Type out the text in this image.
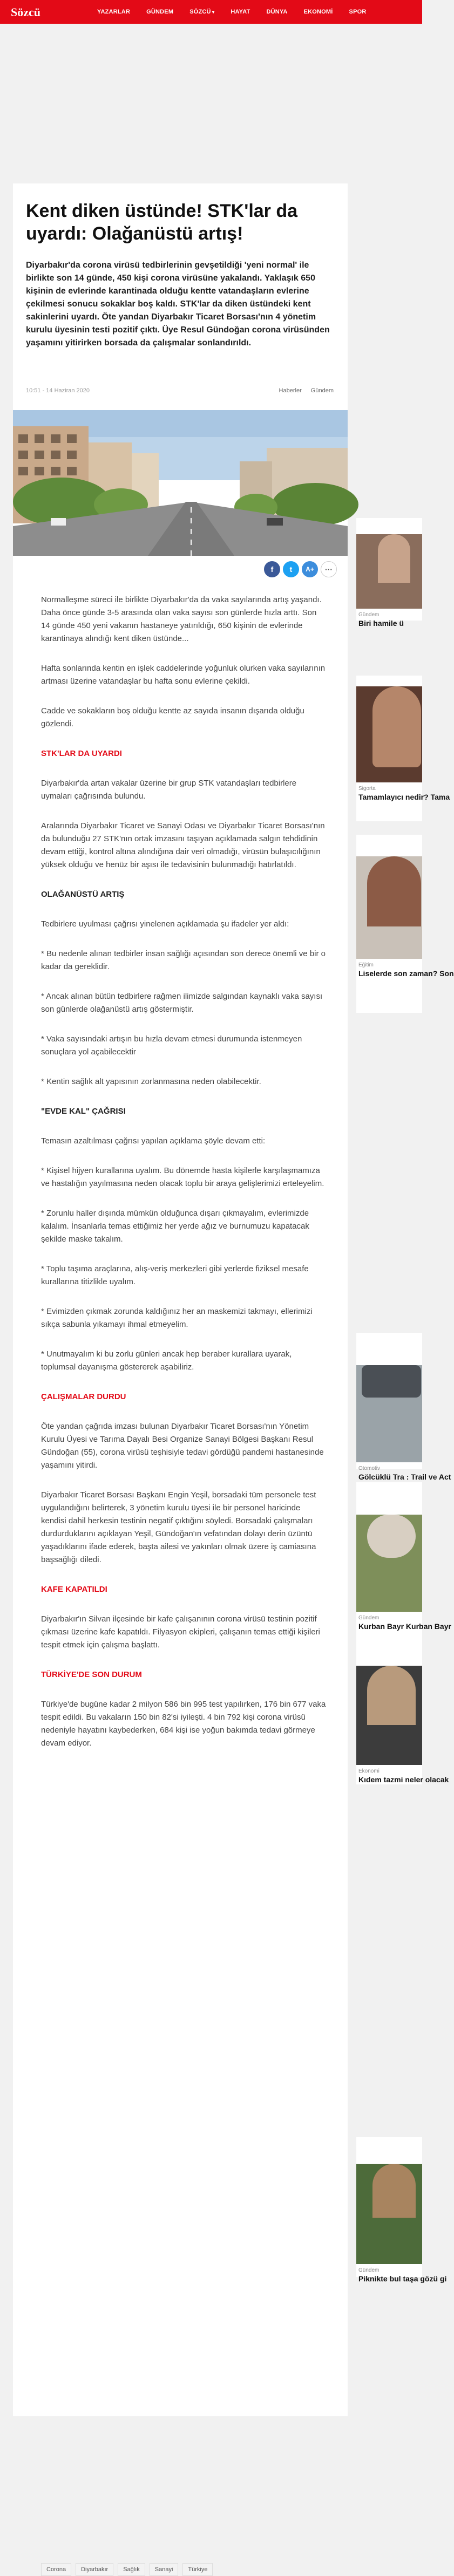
Sözcü	YAZARLAR	GÜNDEM	SÖZCÜ ▾	HAYAT	DÜNYA	EKONOMİ	SPOR
Kent diken üstünde! STK'lar da uyardı: Olağanüstü artış!

Diyarbakır'da corona virüsü tedbirlerinin gevşetildiği 'yeni normal' ile birlikte son 14 günde, 450 kişi corona virüsüne yakalandı. Yaklaşık 650 kişinin de evlerinde karantinada olduğu kentte vatandaşların evlerine çekilmesi sonucu sokaklar boş kaldı. STK'lar da diken üstündeki kent sakinlerini uyardı. Öte yandan Diyarbakır Ticaret Borsası'nın 4 yönetim kurulu üyesinin testi pozitif çıktı. Üye Resul Gündoğan corona virüsünden yaşamını yitirirken borsada da çalışmalar sonlandırıldı.

10:51 - 14 Haziran 2020	Haberler Gündem
f	t	A+	···

Normalleşme süreci ile birlikte Diyarbakır'da da vaka sayılarında artış yaşandı. Daha önce günde 3-5 arasında olan vaka sayısı son günlerde hızla arttı. Son 14 günde 450 yeni vakanın hastaneye yatırıldığı, 650 kişinin de evlerinde karantinaya alındığı kent diken üstünde...

Hafta sonlarında kentin en işlek caddelerinde yoğunluk olurken vaka sayılarının artması üzerine vatandaşlar bu hafta sonu evlerine çekildi.

Cadde ve sokakların boş olduğu kentte az sayıda insanın dışarıda olduğu gözlendi.

STK'LAR DA UYARDI

Diyarbakır'da artan vakalar üzerine bir grup STK vatandaşları tedbirlere uymaları çağrısında bulundu.

Aralarında Diyarbakır Ticaret ve Sanayi Odası ve Diyarbakır Ticaret Borsası'nın da bulunduğu 27 STK'nın ortak imzasını taşıyan açıklamada salgın tehdidinin devam ettiği, kontrol altına alındığına dair veri olmadığı, virüsün bulaşıcılığının yüksek olduğu ve henüz bir aşısı ile tedavisinin bulunmadığı hatırlatıldı.

OLAĞANÜSTÜ ARTIŞ

Tedbirlere uyulması çağrısı yinelenen açıklamada şu ifadeler yer aldı:

* Bu nedenle alınan tedbirler insan sağlığı açısından son derece önemli ve bir o kadar da gereklidir.

* Ancak alınan bütün tedbirlere rağmen ilimizde salgından kaynaklı vaka sayısı son günlerde olağanüstü artış göstermiştir.

* Vaka sayısındaki artışın bu hızla devam etmesi durumunda istenmeyen sonuçlara yol açabilecektir

* Kentin sağlık alt yapısının zorlanmasına neden olabilecektir.

"EVDE KAL" ÇAĞRISI

Temasın azaltılması çağrısı yapılan açıklama şöyle devam etti:

* Kişisel hijyen kurallarına uyalım. Bu dönemde hasta kişilerle karşılaşmamıza ve hastalığın yayılmasına neden olacak toplu bir araya gelişlerimizi erteleyelim.

* Zorunlu haller dışında mümkün olduğunca dışarı çıkmayalım, evlerimizde kalalım. İnsanlarla temas ettiğimiz her yerde ağız ve burnumuzu kapatacak şekilde maske takalım.

* Toplu taşıma araçlarına, alış-veriş merkezleri gibi yerlerde fiziksel mesafe kurallarına titizlikle uyalım.

* Evimizden çıkmak zorunda kaldığınız her an maskemizi takmayı, ellerimizi sıkça sabunla yıkamayı ihmal etmeyelim.

* Unutmayalım ki bu zorlu günleri ancak hep beraber kurallara uyarak, toplumsal dayanışma göstererek aşabiliriz.

ÇALIŞMALAR DURDU

Öte yandan çağrıda imzası bulunan Diyarbakır Ticaret Borsası'nın Yönetim Kurulu Üyesi ve Tarıma Dayalı Besi Organize Sanayi Bölgesi Başkanı Resul Gündoğan (55), corona virüsü teşhisiyle tedavi gördüğü pandemi hastanesinde yaşamını yitirdi.

Diyarbakır Ticaret Borsası Başkanı Engin Yeşil, borsadaki tüm personele test uygulandığını belirterek, 3 yönetim kurulu üyesi ile bir personel haricinde kendisi dahil herkesin testinin negatif çıktığını söyledi. Borsadaki çalışmaları durdurduklarını açıklayan Yeşil, Gündoğan'ın vefatından dolayı derin üzüntü yaşadıklarını ifade ederek, başta ailesi ve yakınları olmak üzere iş camiasına başsağlığı diledi.

KAFE KAPATILDI

Diyarbakır'ın Silvan ilçesinde bir kafe çalışanının corona virüsü testinin pozitif çıkması üzerine kafe kapatıldı. Filyasyon ekipleri, çalışanın temas ettiği kişileri tespit etmek için çalışma başlattı.

TÜRKİYE'DE SON DURUM

Türkiye'de bugüne kadar 2 milyon 586 bin 995 test yapılırken, 176 bin 677 vaka tespit edildi. Bu vakaların 150 bin 82'si iyileşti. 4 bin 792 kişi corona virüsü nedeniyle hayatını kaybederken, 684 kişi ise yoğun bakımda tedavi görmeye devam ediyor.

Corona	Diyarbakır	Sağlık	Sanayi	Türkiye
Gündem
Biri hamile ü
Sigorta
Tamamlayıcı nedir? Tama
Eğitim
Liselerde son zaman? Son
Otomotiv
Gölcüklü Tra : Trail ve Act
Gündem
Kurban Bayr Kurban Bayr
Ekonomi
Kıdem tazmi neler olacak
Gündem
Piknikte bul taşa gözü gi
